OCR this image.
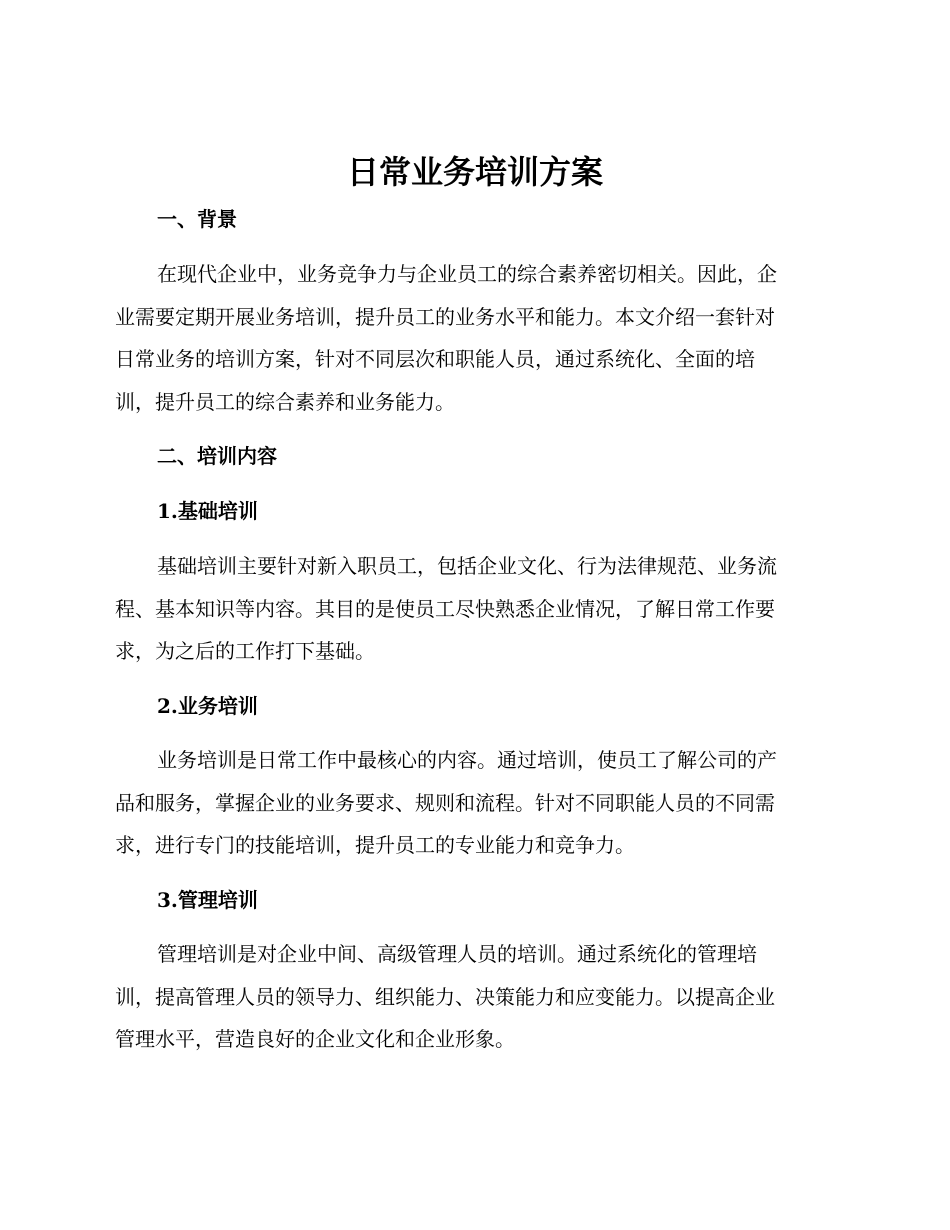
日常业务培训方案
一、背景
在现代企业中，业务竞争力与企业员工的综合素养密切相关。因此，企
业需要定期开展业务培训，提升员工的业务水平和能力。本文介绍一套针对
日常业务的培训方案，针对不同层次和职能人员，通过系统化、全面的培
训，提升员工的综合素养和业务能力。
二、培训内容
1.基础培训
基础培训主要针对新入职员工，包括企业文化、行为法律规范、业务流
程、基本知识等内容。其目的是使员工尽快熟悉企业情况，了解日常工作要
求，为之后的工作打下基础。
2.业务培训
业务培训是日常工作中最核心的内容。通过培训，使员工了解公司的产
品和服务，掌握企业的业务要求、规则和流程。针对不同职能人员的不同需
求，进行专门的技能培训，提升员工的专业能力和竞争力。
3.管理培训
管理培训是对企业中间、高级管理人员的培训。通过系统化的管理培
训，提高管理人员的领导力、组织能力、决策能力和应变能力。以提高企业
管理水平，营造良好的企业文化和企业形象。
